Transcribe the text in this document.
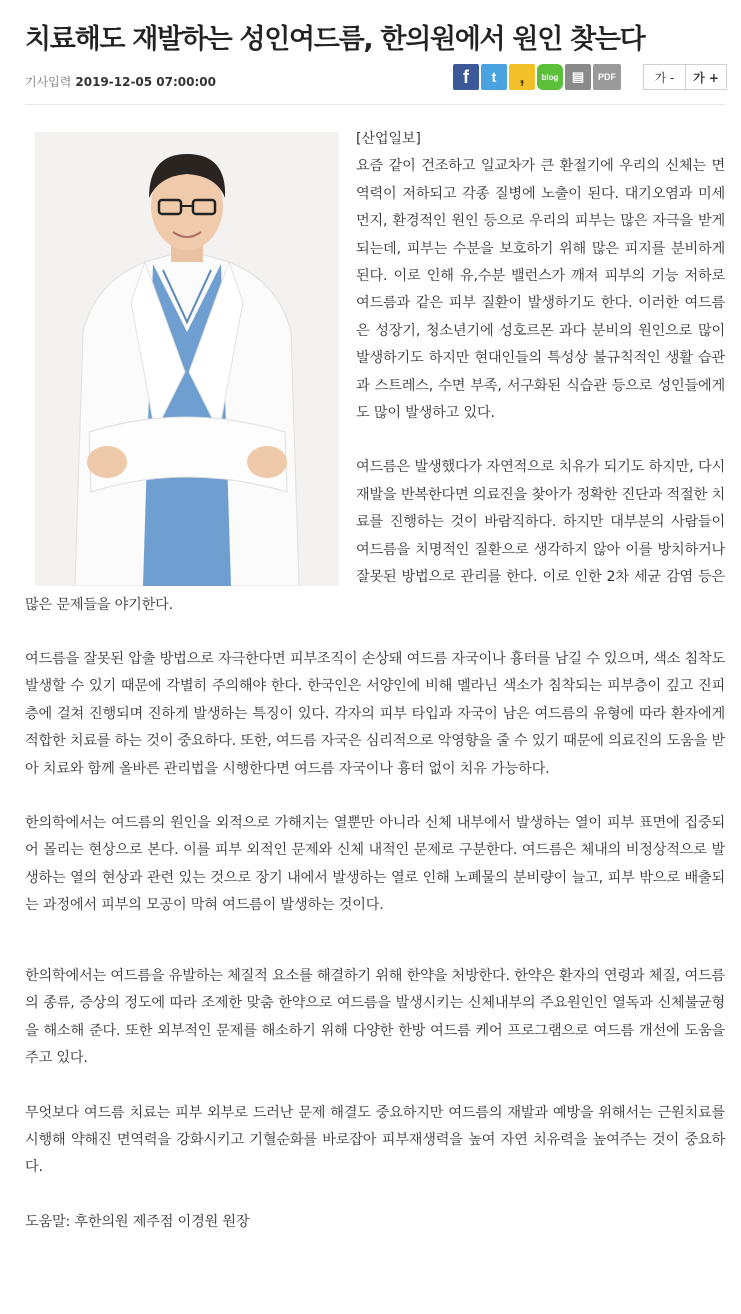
치료해도 재발하는 성인여드름, 한의원에서 원인 찾는다
기사입력 2019-12-05 07:00:00	f	t	,	blog	▤	PDF	가 -	가 +

[산업일보]

요즘 같이 건조하고 일교차가 큰 환절기에 우리의 신체는 면역력이 저하되고 각종 질병에 노출이 된다. 대기오염과 미세먼지, 환경적인 원인 등으로 우리의 피부는 많은 자극을 받게 되는데, 피부는 수분을 보호하기 위해 많은 피지를 분비하게 된다. 이로 인해 유,수분 밸런스가 깨져 피부의 기능 저하로 여드름과 같은 피부 질환이 발생하기도 한다. 이러한 여드름은 성장기, 청소년기에 성호르몬 과다 분비의 원인으로 많이 발생하기도 하지만 현대인들의 특성상 불규칙적인 생활 습관과 스트레스, 수면 부족, 서구화된 식습관 등으로 성인들에게도 많이 발생하고 있다.

여드름은 발생했다가 자연적으로 치유가 되기도 하지만, 다시 재발을 반복한다면 의료진을 찾아가 정확한 진단과 적절한 치료를 진행하는 것이 바람직하다. 하지만 대부분의 사람들이 여드름을 치명적인 질환으로 생각하지 않아 이를 방치하거나 잘못된 방법으로 관리를 한다. 이로 인한 2차 세균 감염 등은 많은 문제들을 야기한다.

여드름을 잘못된 압출 방법으로 자극한다면 피부조직이 손상돼 여드름 자국이나 흉터를 남길 수 있으며, 색소 침착도 발생할 수 있기 때문에 각별히 주의해야 한다. 한국인은 서양인에 비해 멜라닌 색소가 침착되는 피부층이 깊고 진피층에 걸쳐 진행되며 진하게 발생하는 특징이 있다. 각자의 피부 타입과 자국이 남은 여드름의 유형에 따라 환자에게 적합한 치료를 하는 것이 중요하다. 또한, 여드름 자국은 심리적으로 악영향을 줄 수 있기 때문에 의료진의 도움을 받아 치료와 함께 올바른 관리법을 시행한다면 여드름 자국이나 흉터 없이 치유 가능하다.

한의학에서는 여드름의 원인을 외적으로 가해지는 열뿐만 아니라 신체 내부에서 발생하는 열이 피부 표면에 집중되어 몰리는 현상으로 본다. 이를 피부 외적인 문제와 신체 내적인 문제로 구분한다. 여드름은 체내의 비정상적으로 발생하는 열의 현상과 관련 있는 것으로 장기 내에서 발생하는 열로 인해 노폐물의 분비량이 늘고, 피부 밖으로 배출되는 과정에서 피부의 모공이 막혀 여드름이 발생하는 것이다.

한의학에서는 여드름을 유발하는 체질적 요소를 해결하기 위해 한약을 처방한다. 한약은 환자의 연령과 체질, 여드름의 종류, 증상의 정도에 따라 조제한 맞춤 한약으로 여드름을 발생시키는 신체내부의 주요원인인 열독과 신체불균형을 해소해 준다. 또한 외부적인 문제를 해소하기 위해 다양한 한방 여드름 케어 프로그램으로 여드름 개선에 도움을 주고 있다.

무엇보다 여드름 치료는 피부 외부로 드러난 문제 해결도 중요하지만 여드름의 재발과 예방을 위해서는 근원치료를 시행해 약해진 면역력을 강화시키고 기혈순화를 바로잡아 피부재생력을 높여 자연 치유력을 높여주는 것이 중요하다.

도움말: 후한의원 제주점 이경원 원장
